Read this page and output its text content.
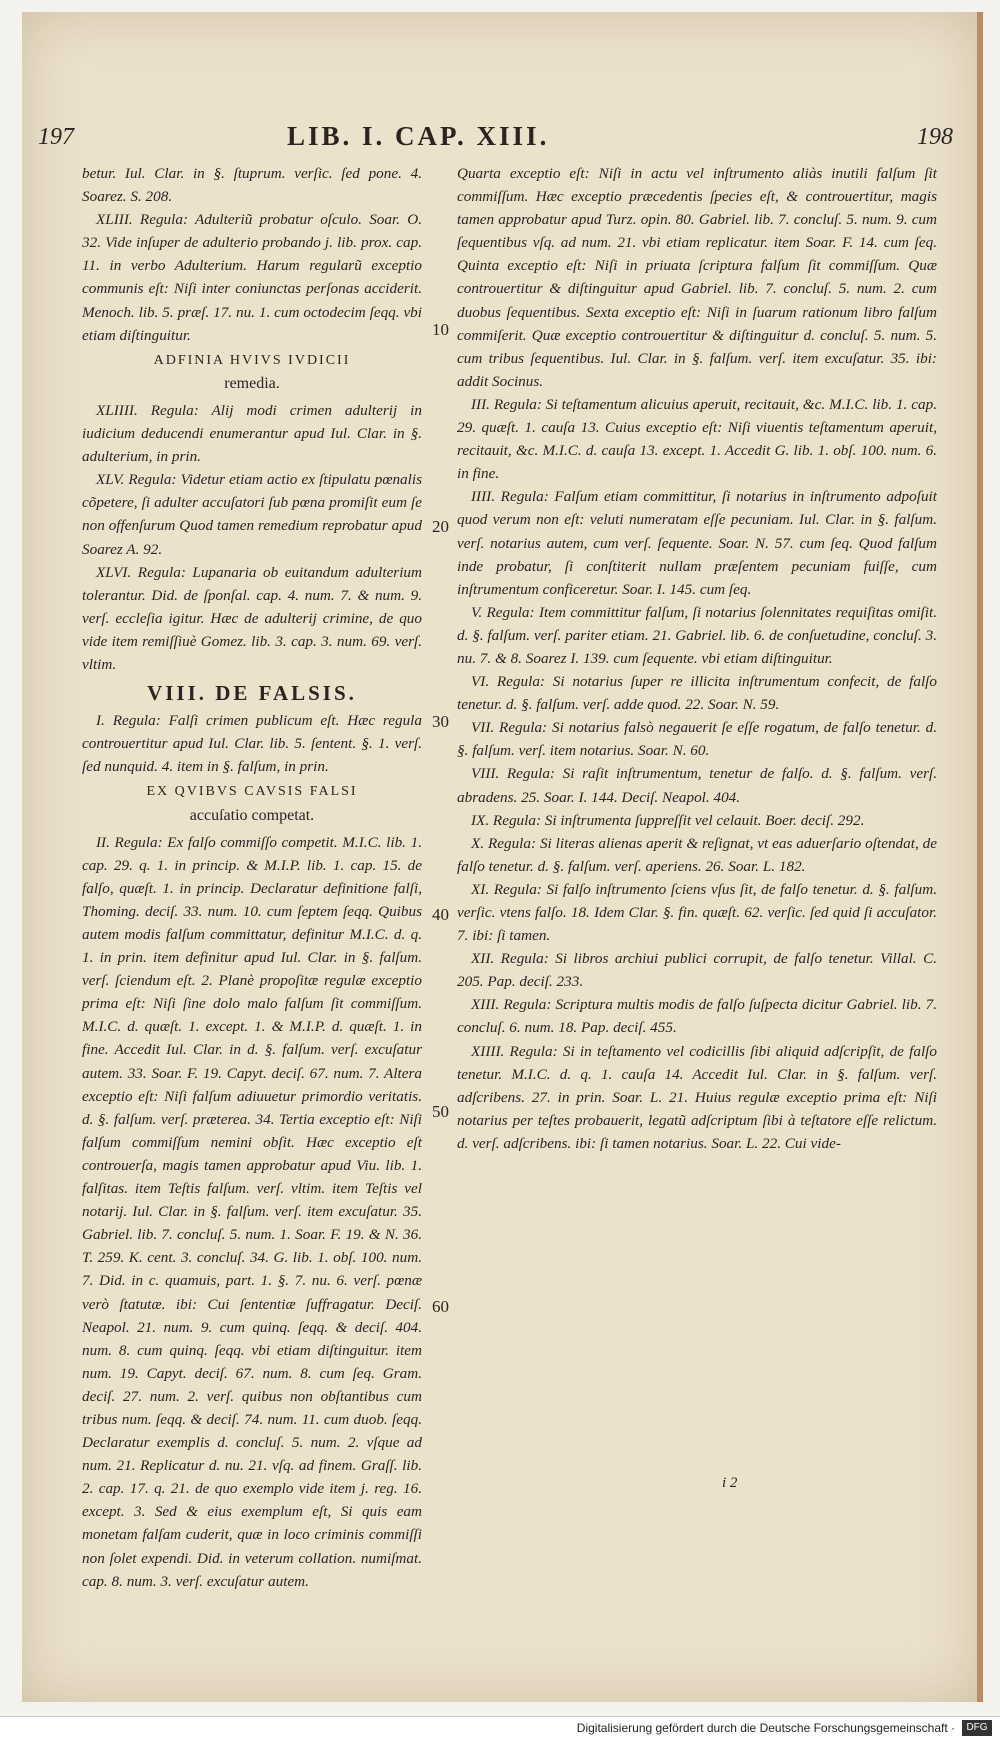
197	LIB. I. CAP. XIII.	198

betur. Iul. Clar. in §. ſtuprum. verſic. ſed pone. 4. Soarez. S. 208.

XLIII. Regula: Adulteriũ probatur oſculo. Soar. O. 32. Vide inſuper de adulterio probando j. lib. prox. cap. 11. in verbo Adulterium. Harum regularũ exceptio communis eſt: Niſi inter coniunctas perſonas acciderit. Menoch. lib. 5. præſ. 17. nu. 1. cum octodecim ſeqq. vbi etiam diſtinguitur.

ADFINIA HVIVS IVDICII
remedia.

XLIIII. Regula: Alij modi crimen adulterij in iudicium deducendi enumerantur apud Iul. Clar. in §. adulterium, in prin.

XLV. Regula: Videtur etiam actio ex ſtipulatu pœnalis cõpetere, ſi adulter accuſatori ſub pœna promiſit eum ſe non offenſurum Quod tamen remedium reprobatur apud Soarez A. 92.

XLVI. Regula: Lupanaria ob euitandum adulterium tolerantur. Did. de ſponſal. cap. 4. num. 7. & num. 9. verſ. eccleſia igitur. Hæc de adulterij crimine, de quo vide item remiſſiuè Gomez. lib. 3. cap. 3. num. 69. verſ. vltim.

VIII. DE FALSIS.

I. Regula: Falſi crimen publicum eſt. Hæc regula controuertitur apud Iul. Clar. lib. 5. ſentent. §. 1. verſ. ſed nunquid. 4. item in §. falſum, in prin.

EX QVIBVS CAVSIS FALSI
accuſatio competat.

II. Regula: Ex falſo commiſſo competit. M.I.C. lib. 1. cap. 29. q. 1. in princip. & M.I.P. lib. 1. cap. 15. de falſo, quæſt. 1. in princip. Declaratur definitione falſi, Thoming. deciſ. 33. num. 10. cum ſeptem ſeqq. Quibus autem modis falſum committatur, definitur M.I.C. d. q. 1. in prin. item definitur apud Iul. Clar. in §. falſum. verſ. ſciendum eſt. 2. Planè propoſitæ regulæ exceptio prima eſt: Niſi ſine dolo malo falſum ſit commiſſum. M.I.C. d. quæſt. 1. except. 1. & M.I.P. d. quæſt. 1. in fine. Accedit Iul. Clar. in d. §. falſum. verſ. excuſatur autem. 33. Soar. F. 19. Capyt. deciſ. 67. num. 7. Altera exceptio eſt: Niſi falſum adiuuetur primordio veritatis. d. §. falſum. verſ. præterea. 34. Tertia exceptio eſt: Niſi falſum commiſſum nemini obſit. Hæc exceptio eſt controuerſa, magis tamen approbatur apud Viu. lib. 1. falſitas. item Teſtis falſum. verſ. vltim. item Teſtis vel notarij. Iul. Clar. in §. falſum. verſ. item excuſatur. 35. Gabriel. lib. 7. concluſ. 5. num. 1. Soar. F. 19. & N. 36. T. 259. K. cent. 3. concluſ. 34. G. lib. 1. obſ. 100. num. 7. Did. in c. quamuis, part. 1. §. 7. nu. 6. verſ. pœnæ verò ſtatutæ. ibi: Cui ſententiæ ſuffragatur. Deciſ. Neapol. 21. num. 9. cum quinq. ſeqq. & deciſ. 404. num. 8. cum quinq. ſeqq. vbi etiam diſtinguitur. item num. 19. Capyt. deciſ. 67. num. 8. cum ſeq. Gram. deciſ. 27. num. 2. verſ. quibus non obſtantibus cum tribus num. ſeqq. & deciſ. 74. num. 11. cum duob. ſeqq. Declaratur exemplis d. concluſ. 5. num. 2. vſque ad num. 21. Replicatur d. nu. 21. vſq. ad finem. Graſſ. lib. 2. cap. 17. q. 21. de quo exemplo vide item j. reg. 16. except. 3. Sed & eius exemplum eſt, Si quis eam monetam falſam cuderit, quæ in loco criminis commiſſi non ſolet expendi. Did. in veterum collation. numiſmat. cap. 8. num. 3. verſ. excuſatur autem.

Quarta exceptio eſt: Niſi in actu vel inſtrumento aliàs inutili falſum ſit commiſſum. Hæc exceptio præcedentis ſpecies eſt, & controuertitur, magis tamen approbatur apud Turz. opin. 80. Gabriel. lib. 7. concluſ. 5. num. 9. cum ſequentibus vſq. ad num. 21. vbi etiam replicatur. item Soar. F. 14. cum ſeq. Quinta exceptio eſt: Niſi in priuata ſcriptura falſum ſit commiſſum. Quæ controuertitur & diſtinguitur apud Gabriel. lib. 7. concluſ. 5. num. 2. cum duobus ſequentibus. Sexta exceptio eſt: Niſi in ſuarum rationum libro falſum commiſerit. Quæ exceptio controuertitur & diſtinguitur d. concluſ. 5. num. 5. cum tribus ſequentibus. Iul. Clar. in §. falſum. verſ. item excuſatur. 35. ibi: addit Socinus.

III. Regula: Si teſtamentum alicuius aperuit, recitauit, &c. M.I.C. lib. 1. cap. 29. quæſt. 1. cauſa 13. Cuius exceptio eſt: Niſi viuentis teſtamentum aperuit, recitauit, &c. M.I.C. d. cauſa 13. except. 1. Accedit G. lib. 1. obſ. 100. num. 6. in fine.

IIII. Regula: Falſum etiam committitur, ſi notarius in inſtrumento adpoſuit quod verum non eſt: veluti numeratam eſſe pecuniam. Iul. Clar. in §. falſum. verſ. notarius autem, cum verſ. ſequente. Soar. N. 57. cum ſeq. Quod falſum inde probatur, ſi conſtiterit nullam præſentem pecuniam fuiſſe, cum inſtrumentum conficeretur. Soar. I. 145. cum ſeq.

V. Regula: Item committitur falſum, ſi notarius ſolennitates requiſitas omiſit. d. §. falſum. verſ. pariter etiam. 21. Gabriel. lib. 6. de conſuetudine, concluſ. 3. nu. 7. & 8. Soarez I. 139. cum ſequente. vbi etiam diſtinguitur.

VI. Regula: Si notarius ſuper re illicita inſtrumentum confecit, de falſo tenetur. d. §. falſum. verſ. adde quod. 22. Soar. N. 59.

VII. Regula: Si notarius falsò negauerit ſe eſſe rogatum, de falſo tenetur. d. §. falſum. verſ. item notarius. Soar. N. 60.

VIII. Regula: Si raſit inſtrumentum, tenetur de falſo. d. §. falſum. verſ. abradens. 25. Soar. I. 144. Deciſ. Neapol. 404.

IX. Regula: Si inſtrumenta ſuppreſſit vel celauit. Boer. deciſ. 292.

X. Regula: Si literas alienas aperit & reſignat, vt eas aduerſario oſtendat, de falſo tenetur. d. §. falſum. verſ. aperiens. 26. Soar. L. 182.

XI. Regula: Si falſo inſtrumento ſciens vſus ſit, de falſo tenetur. d. §. falſum. verſic. vtens falſo. 18. Idem Clar. §. fin. quæſt. 62. verſic. ſed quid ſi accuſator. 7. ibi: ſi tamen.

XII. Regula: Si libros archiui publici corrupit, de falſo tenetur. Villal. C. 205. Pap. deciſ. 233.

XIII. Regula: Scriptura multis modis de falſo ſuſpecta dicitur Gabriel. lib. 7. concluſ. 6. num. 18. Pap. deciſ. 455.

XIIII. Regula: Si in teſtamento vel codicillis ſibi aliquid adſcripſit, de falſo tenetur. M.I.C. d. q. 1. cauſa 14. Accedit Iul. Clar. in §. falſum. verſ. adſcribens. 27. in prin. Soar. L. 21. Huius regulæ exceptio prima eſt: Niſi notarius per teſtes probauerit, legatũ adſcriptum ſibi à teſtatore eſſe relictum. d. verſ. adſcribens. ibi: ſi tamen notarius. Soar. L. 22. Cui vide-

10
20
30
40
50
60
i 2
Digitalisierung gefördert durch die Deutsche Forschungsgemeinschaft ·	DFG
